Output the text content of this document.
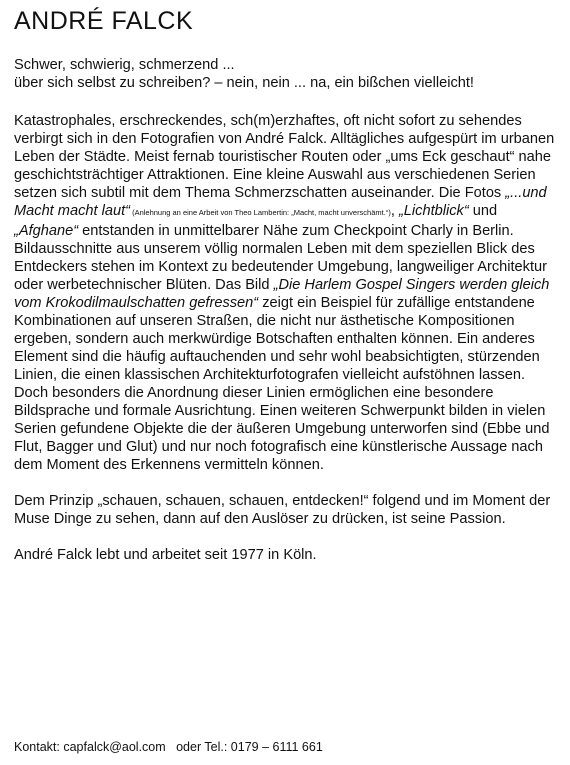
ANDRÉ FALCK

Schwer, schwierig, schmerzend ...
über sich selbst zu schreiben? – nein, nein ... na, ein bißchen vielleicht!

Katastrophales, erschreckendes, sch(m)erzhaftes, oft nicht sofort zu sehendes verbirgt sich in den Fotografien von André Falck. Alltägliches aufgespürt im urbanen Leben der Städte. Meist fernab touristischer Routen oder „ums Eck geschaut“ nahe geschichtsträchtiger Attraktionen. Eine kleine Auswahl aus verschiedenen Serien setzen sich subtil mit dem Thema Schmerzschatten auseinander. Die Fotos „...und Macht macht laut“ (Anlehnung an eine Arbeit von Theo Lambertin: „Macht, macht unverschämt.“), „Lichtblick“ und „Afghane“ entstanden in unmittelbarer Nähe zum Checkpoint Charly in Berlin. Bildausschnitte aus unserem völlig normalen Leben mit dem speziellen Blick des Entdeckers stehen im Kontext zu bedeutender Umgebung, langweiliger Architektur oder werbetechnischer Blüten. Das Bild „Die Harlem Gospel Singers werden gleich vom Krokodilmaulschatten gefressen“ zeigt ein Beispiel für zufällige entstandene Kombinationen auf unseren Straßen, die nicht nur ästhetische Kompositionen ergeben, sondern auch merkwürdige Botschaften enthalten können. Ein anderes Element sind die häufig auftauchenden und sehr wohl beabsichtigten, stürzenden Linien, die einen klassischen Architekturfotografen vielleicht aufstöhnen lassen. Doch besonders die Anordnung dieser Linien ermöglichen eine besondere Bildsprache und formale Ausrichtung. Einen weiteren Schwerpunkt bilden in vielen Serien gefundene Objekte die der äußeren Umgebung unterworfen sind (Ebbe und Flut, Bagger und Glut) und nur noch fotografisch eine künstlerische Aussage nach dem Moment des Erkennens vermitteln können.

Dem Prinzip „schauen, schauen, schauen, entdecken!“ folgend und im Moment der Muse Dinge zu sehen, dann auf den Auslöser zu drücken, ist seine Passion.

André Falck lebt und arbeitet seit 1977 in Köln.

Kontakt: capfalck@aol.com oder Tel.: 0179 – 6111 661
